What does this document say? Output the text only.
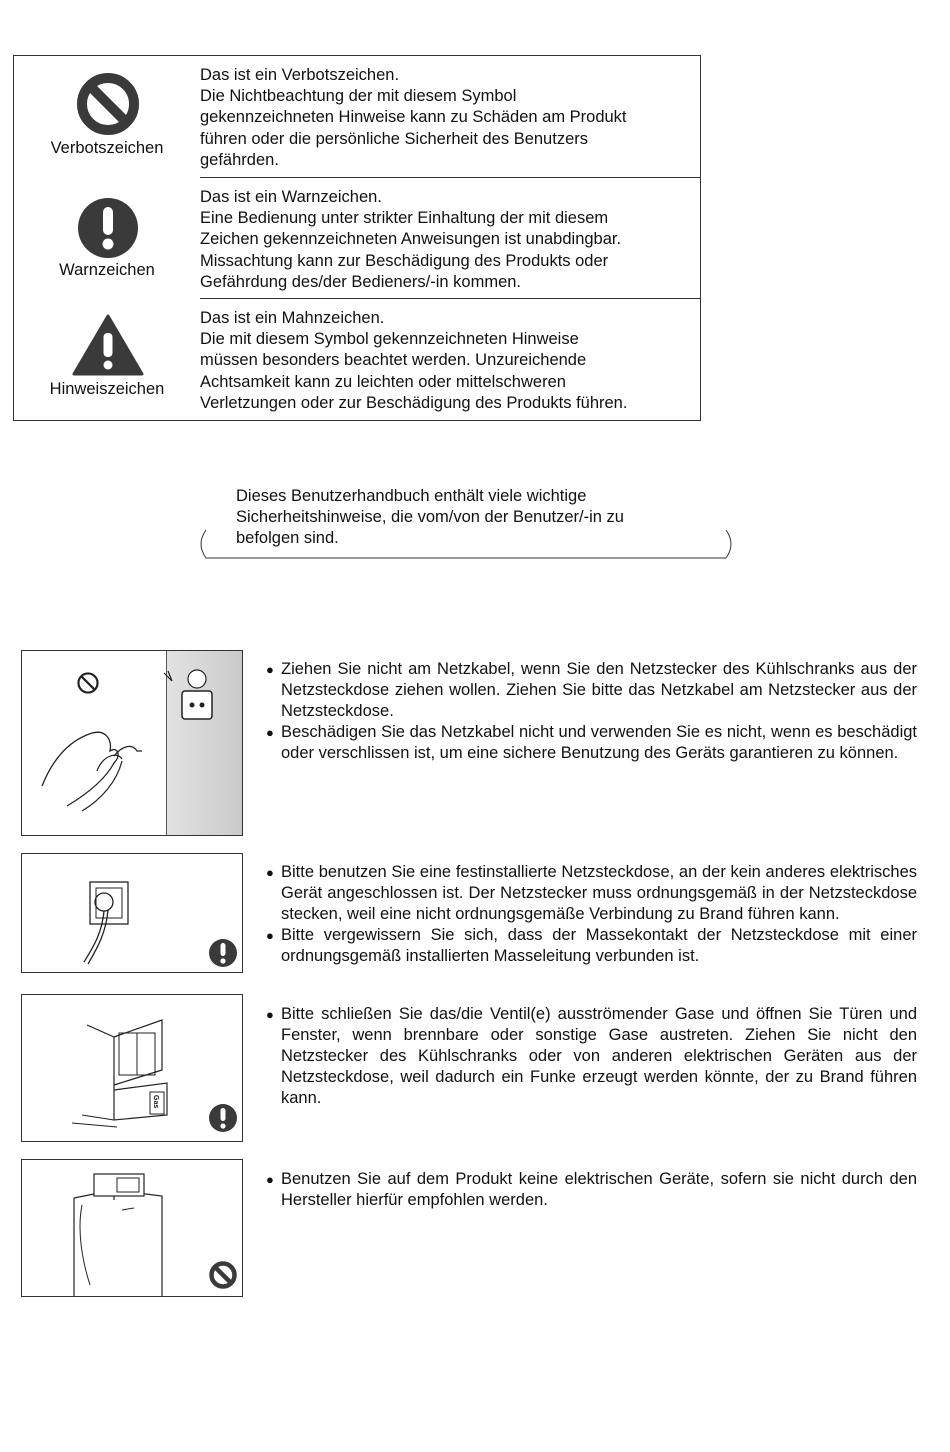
Verbotszeichen
Das ist ein Verbotszeichen.
Die Nichtbeachtung der mit diesem Symbol
gekennzeichneten Hinweise kann zu Schäden am Produkt
führen oder die persönliche Sicherheit des Benutzers
gefährden.
Warnzeichen
Das ist ein Warnzeichen.
Eine Bedienung unter strikter Einhaltung der mit diesem
Zeichen gekennzeichneten Anweisungen ist unabdingbar.
Missachtung kann zur Beschädigung des Produkts oder
Gefährdung des/der Bedieners/-in kommen.
Hinweiszeichen
Das ist ein Mahnzeichen.
Die mit diesem Symbol gekennzeichneten Hinweise
müssen besonders beachtet werden. Unzureichende
Achtsamkeit kann zu leichten oder mittelschweren
Verletzungen oder zur Beschädigung des Produkts führen.
Dieses Benutzerhandbuch enthält viele wichtige
Sicherheitshinweise, die vom/von der Benutzer/-in zu
befolgen sind.
● Ziehen Sie nicht am Netzkabel, wenn Sie den Netzstecker des Kühlschranks aus der Netzsteckdose ziehen wollen. Ziehen Sie bitte das Netzkabel am Netzstecker aus der Netzsteckdose.
● Beschädigen Sie das Netzkabel nicht und verwenden Sie es nicht, wenn es beschädigt oder verschlissen ist, um eine sichere Benutzung des Geräts garantieren zu können.
● Bitte benutzen Sie eine festinstallierte Netzsteckdose, an der kein anderes elektrisches Gerät angeschlossen ist. Der Netzstecker muss ordnungsgemäß in der Netzsteckdose stecken, weil eine nicht ordnungsgemäße Verbindung zu Brand führen kann.
● Bitte vergewissern Sie sich, dass der Massekontakt der Netzsteckdose mit einer ordnungsgemäß installierten Masseleitung verbunden ist.
Gas
● Bitte schließen Sie das/die Ventil(e) ausströmender Gase und öffnen Sie Türen und Fenster, wenn brennbare oder sonstige Gase austreten. Ziehen Sie nicht den Netzstecker des Kühlschranks oder von anderen elektrischen Geräten aus der Netzsteckdose, weil dadurch ein Funke erzeugt werden könnte, der zu Brand führen kann.
● Benutzen Sie auf dem Produkt keine elektrischen Geräte, sofern sie nicht durch den Hersteller hierfür empfohlen werden.
